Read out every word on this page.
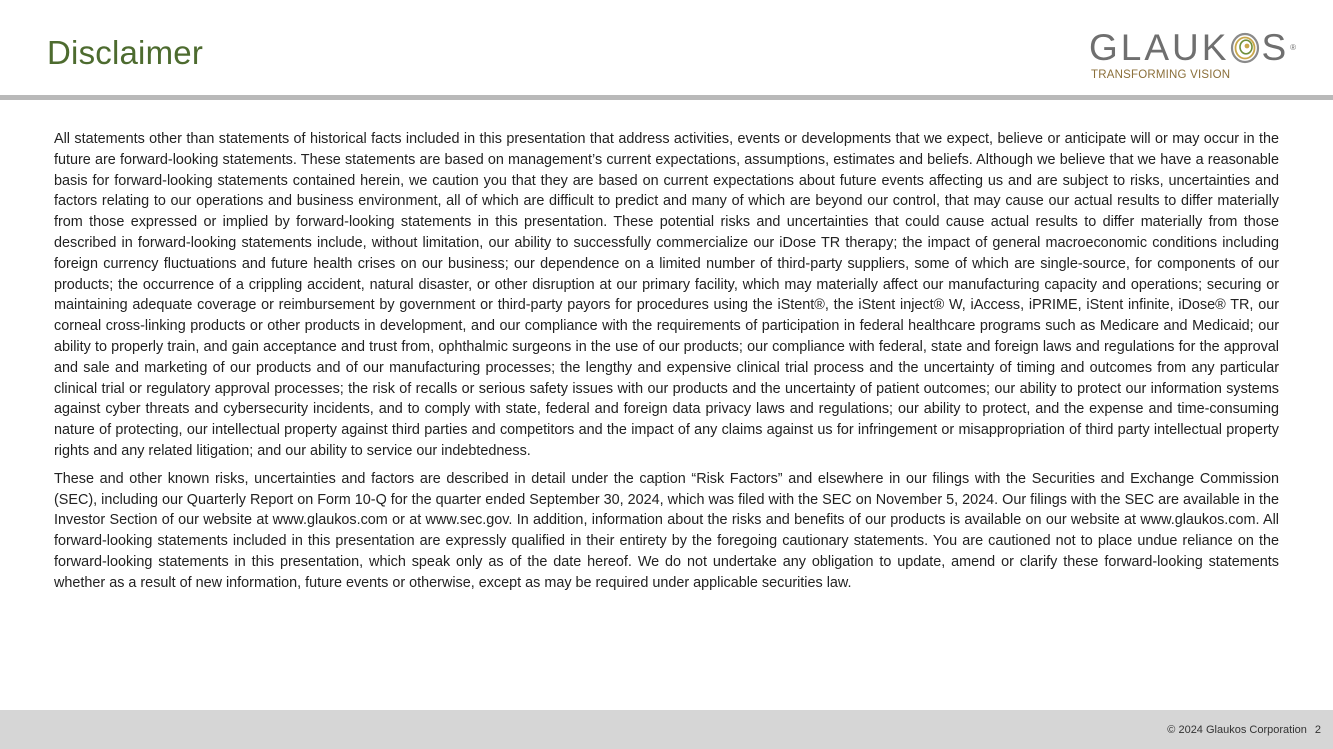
Disclaimer	GLAUK S ®
TRANSFORMING VISION

All statements other than statements of historical facts included in this presentation that address activities, events or developments that we expect, believe or anticipate will or may occur in the future are forward-looking statements. These statements are based on management’s current expectations, assumptions, estimates and beliefs. Although we believe that we have a reasonable basis for forward-looking statements contained herein, we caution you that they are based on current expectations about future events affecting us and are subject to risks, uncertainties and factors relating to our operations and business environment, all of which are difficult to predict and many of which are beyond our control, that may cause our actual results to differ materially from those expressed or implied by forward-looking statements in this presentation. These potential risks and uncertainties that could cause actual results to differ materially from those described in forward-looking statements include, without limitation, our ability to successfully commercialize our iDose TR therapy; the impact of general macroeconomic conditions including foreign currency fluctuations and future health crises on our business; our dependence on a limited number of third-party suppliers, some of which are single-source, for components of our products; the occurrence of a crippling accident, natural disaster, or other disruption at our primary facility, which may materially affect our manufacturing capacity and operations; securing or maintaining adequate coverage or reimbursement by government or third-party payors for procedures using the iStent®, the iStent inject® W, iAccess, iPRIME, iStent infinite, iDose® TR, our corneal cross-linking products or other products in development, and our compliance with the requirements of participation in federal healthcare programs such as Medicare and Medicaid; our ability to properly train, and gain acceptance and trust from, ophthalmic surgeons in the use of our products; our compliance with federal, state and foreign laws and regulations for the approval and sale and marketing of our products and of our manufacturing processes; the lengthy and expensive clinical trial process and the uncertainty of timing and outcomes from any particular clinical trial or regulatory approval processes; the risk of recalls or serious safety issues with our products and the uncertainty of patient outcomes; our ability to protect our information systems against cyber threats and cybersecurity incidents, and to comply with state, federal and foreign data privacy laws and regulations; our ability to protect, and the expense and time-consuming nature of protecting, our intellectual property against third parties and competitors and the impact of any claims against us for infringement or misappropriation of third party intellectual property rights and any related litigation; and our ability to service our indebtedness.

These and other known risks, uncertainties and factors are described in detail under the caption “Risk Factors” and elsewhere in our filings with the Securities and Exchange Commission (SEC), including our Quarterly Report on Form 10-Q for the quarter ended September 30, 2024, which was filed with the SEC on November 5, 2024. Our filings with the SEC are available in the Investor Section of our website at www.glaukos.com or at www.sec.gov. In addition, information about the risks and benefits of our products is available on our website at www.glaukos.com. All forward-looking statements included in this presentation are expressly qualified in their entirety by the foregoing cautionary statements. You are cautioned not to place undue reliance on the forward-looking statements in this presentation, which speak only as of the date hereof. We do not undertake any obligation to update, amend or clarify these forward-looking statements whether as a result of new information, future events or otherwise, except as may be required under applicable securities law.

© 2024 Glaukos Corporation 2
